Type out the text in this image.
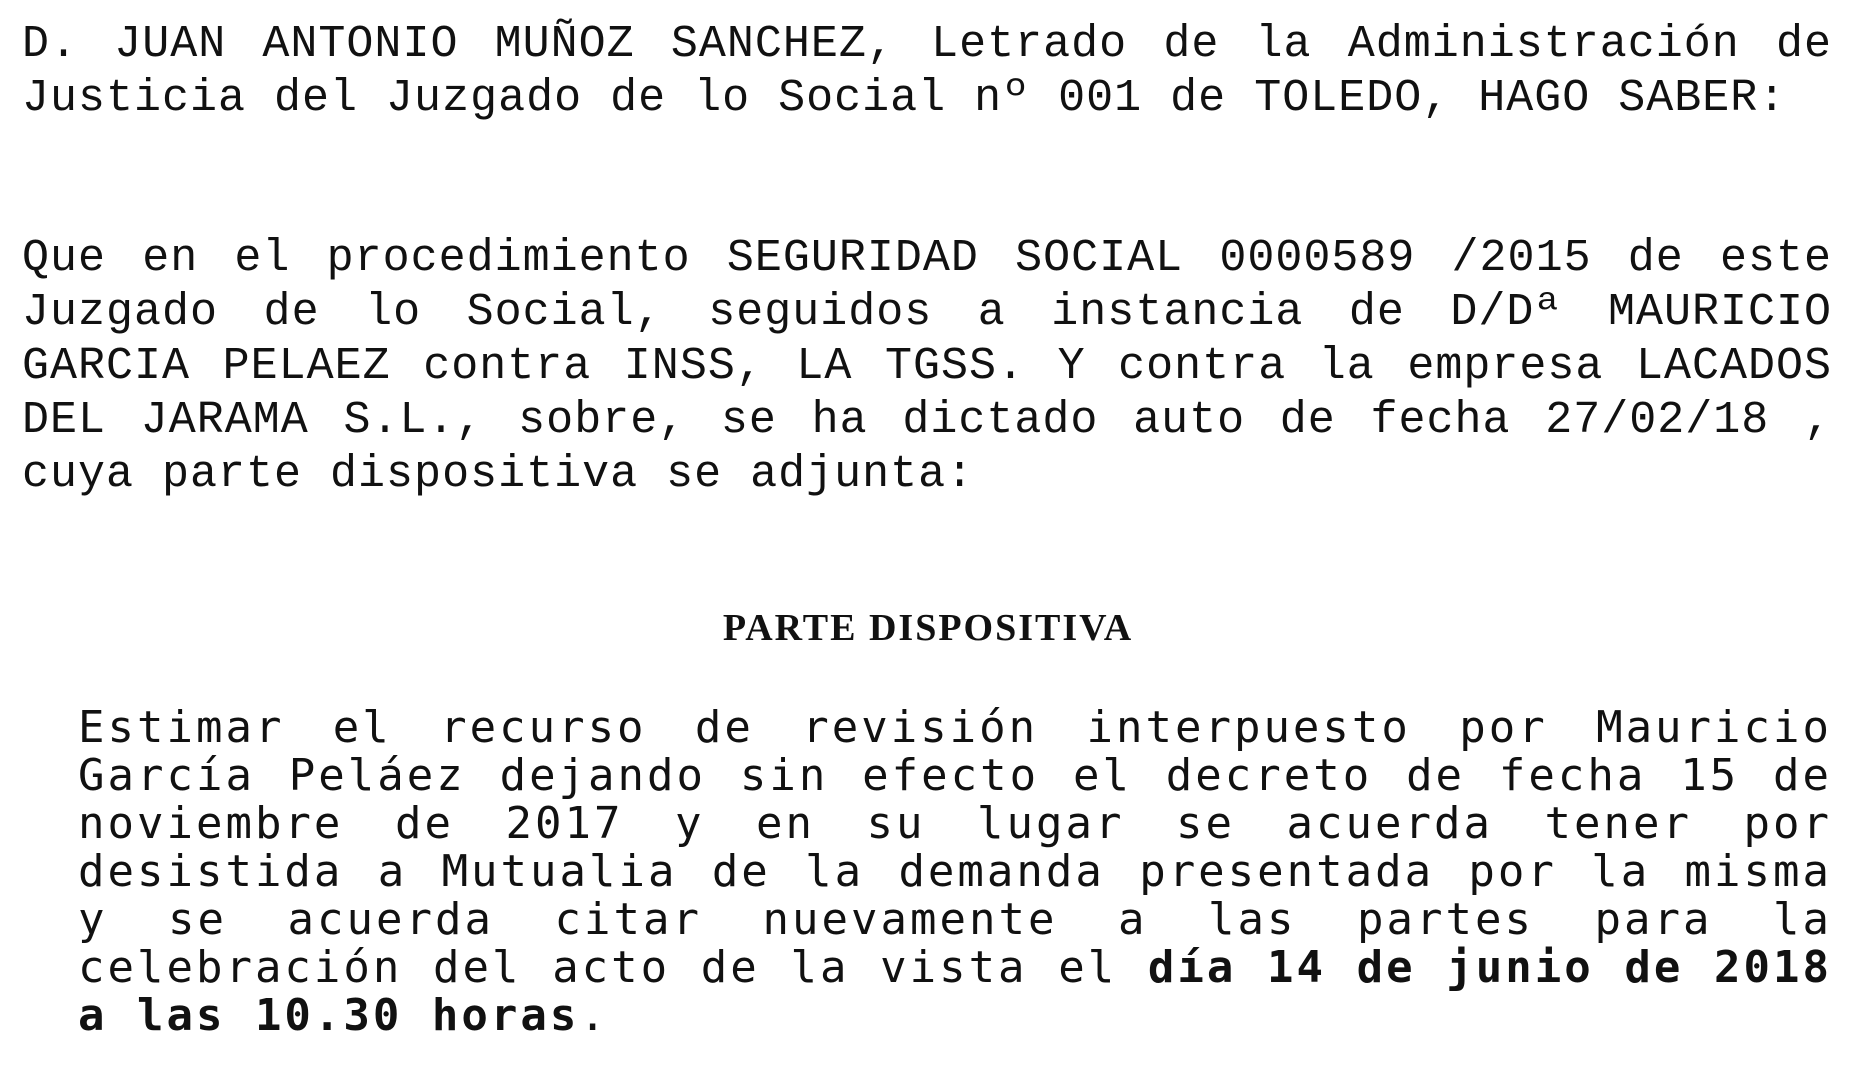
D. JUAN ANTONIO MUÑOZ SANCHEZ, Letrado de la Administración de Justicia del Juzgado de lo Social nº 001 de TOLEDO, HAGO SABER:

Que en el procedimiento SEGURIDAD SOCIAL 0000589 /2015 de este Juzgado de lo Social, seguidos a instancia de D/Dª MAURICIO GARCIA PELAEZ contra INSS, LA TGSS. Y contra la empresa LACADOS DEL JARAMA S.L., sobre, se ha dictado auto de fecha 27/02/18 , cuya parte dispositiva se adjunta:

PARTE DISPOSITIVA

Estimar el recurso de revisión interpuesto por Mauricio García Peláez dejando sin efecto el decreto de fecha 15 de noviembre de 2017 y en su lugar se acuerda tener por desistida a Mutualia de la demanda presentada por la misma y se acuerda citar nuevamente a las partes para la celebración del acto de la vista el día 14 de junio de 2018 a las 10.30 horas.
